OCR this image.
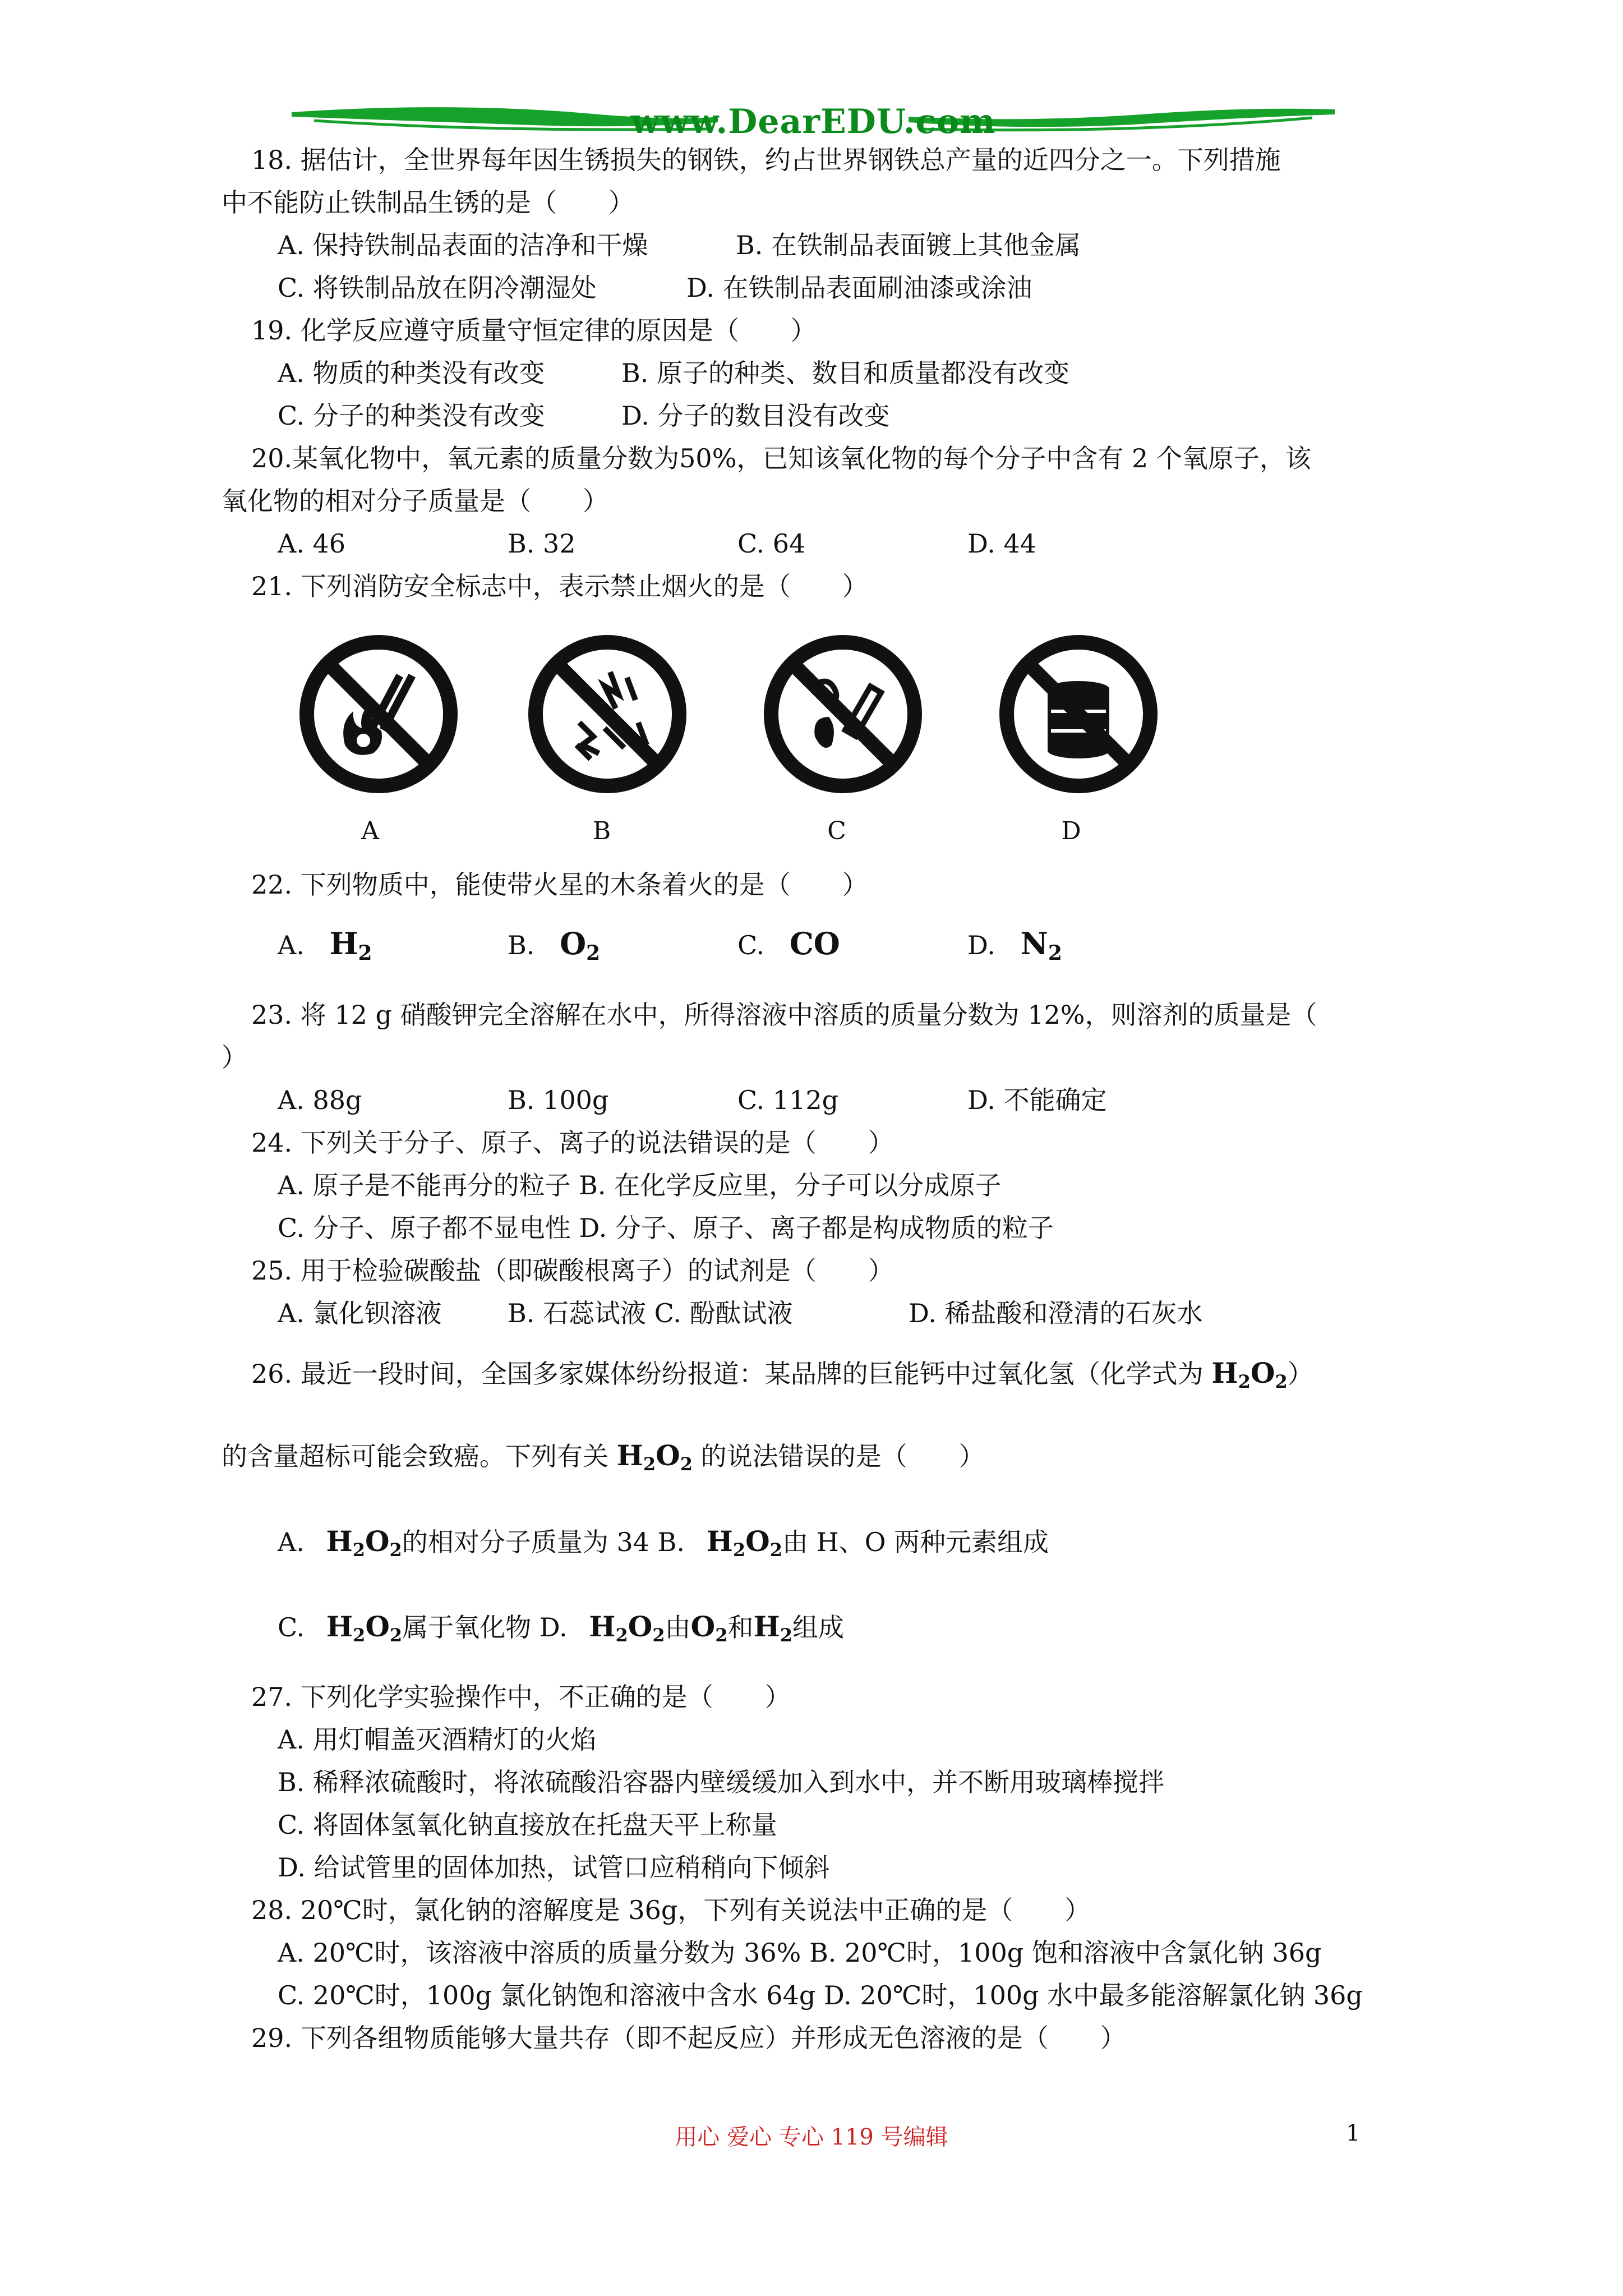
www.DearEDU.com
18. 据估计，全世界每年因生锈损失的钢铁，约占世界钢铁总产量的近四分之一。下列措施
中不能防止铁制品生锈的是（　　）
A. 保持铁制品表面的洁净和干燥	B. 在铁制品表面镀上其他金属
C. 将铁制品放在阴冷潮湿处	D. 在铁制品表面刷油漆或涂油
19. 化学反应遵守质量守恒定律的原因是（　　）
A. 物质的种类没有改变	B. 原子的种类、数目和质量都没有改变
C. 分子的种类没有改变	D. 分子的数目没有改变
20.某氧化物中，氧元素的质量分数为50%，已知该氧化物的每个分子中含有 2 个氧原子，该
氧化物的相对分子质量是（　　）
A. 46	B. 32	C. 64	D. 44
21. 下列消防安全标志中，表示禁止烟火的是（　　）
A	B	C	D
22. 下列物质中，能使带火星的木条着火的是（　　）
A. $H_2$	B. $O_2$	C. CO	D. $N_2$
23. 将 12 g 硝酸钾完全溶解在水中，所得溶液中溶质的质量分数为 12%，则溶剂的质量是（
）
A. 88g	B. 100g	C. 112g	D. 不能确定
24. 下列关于分子、原子、离子的说法错误的是（　　）
A. 原子是不能再分的粒子 B. 在化学反应里，分子可以分成原子
C. 分子、原子都不显电性 D. 分子、原子、离子都是构成物质的粒子
25. 用于检验碳酸盐（即碳酸根离子）的试剂是（　　）
A. 氯化钡溶液	B. 石蕊试液 C. 酚酞试液	D. 稀盐酸和澄清的石灰水
26. 最近一段时间，全国多家媒体纷纷报道：某品牌的巨能钙中过氧化氢（化学式为 $H_2O_2$）
的含量超标可能会致癌。下列有关 $H_2O_2$ 的说法错误的是（　　）
A. $H_2O_2$的相对分子质量为 34 B. $H_2O_2$由 H、O 两种元素组成
C. $H_2O_2$属于氧化物 D. $H_2O_2$由$O_2$和$H_2$组成
27. 下列化学实验操作中，不正确的是（　　）
A. 用灯帽盖灭酒精灯的火焰
B. 稀释浓硫酸时，将浓硫酸沿容器内壁缓缓加入到水中，并不断用玻璃棒搅拌
C. 将固体氢氧化钠直接放在托盘天平上称量
D. 给试管里的固体加热，试管口应稍稍向下倾斜
28. 20℃时，氯化钠的溶解度是 36g，下列有关说法中正确的是（　　）
A. 20℃时，该溶液中溶质的质量分数为 36% B. 20℃时，100g 饱和溶液中含氯化钠 36g
C. 20℃时，100g 氯化钠饱和溶液中含水 64g D. 20℃时，100g 水中最多能溶解氯化钠 36g
29. 下列各组物质能够大量共存（即不起反应）并形成无色溶液的是（　　）
用心 爱心 专心 119 号编辑	1
